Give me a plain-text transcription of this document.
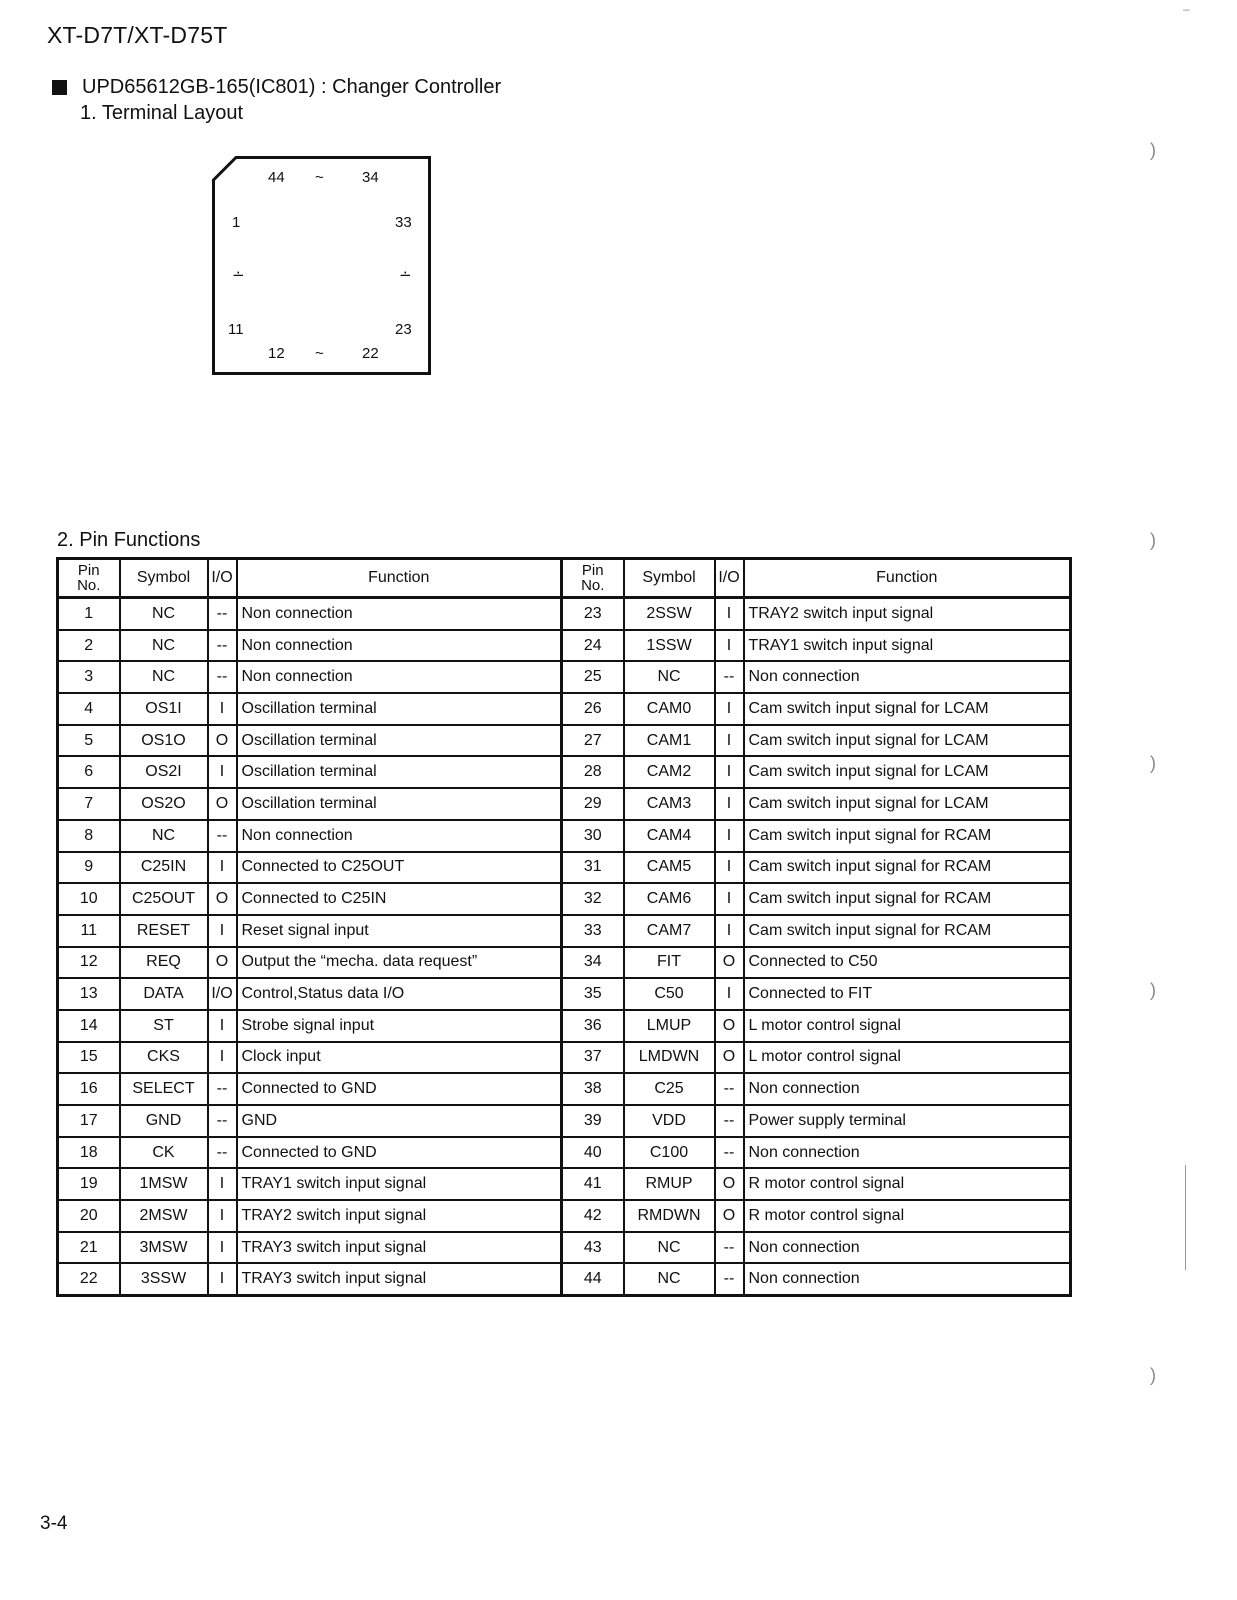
XT-D7T/XT-D75T
UPD65612GB-165(IC801) : Changer Controller
1. Terminal Layout
44 ~	34
1	33
∸	∸
11	23
12 ~	22
2. Pin Functions
Pin
No.	Symbol	I/O	Function	Pin
No.	Symbol	I/O	Function
1	NC	--	Non connection	23	2SSW	I	TRAY2 switch input signal
2	NC	--	Non connection	24	1SSW	I	TRAY1 switch input signal
3	NC	--	Non connection	25	NC	--	Non connection
4	OS1I	I	Oscillation terminal	26	CAM0	I	Cam switch input signal for LCAM
5	OS1O	O	Oscillation terminal	27	CAM1	I	Cam switch input signal for LCAM
6	OS2I	I	Oscillation terminal	28	CAM2	I	Cam switch input signal for LCAM
7	OS2O	O	Oscillation terminal	29	CAM3	I	Cam switch input signal for LCAM
8	NC	--	Non connection	30	CAM4	I	Cam switch input signal for RCAM
9	C25IN	I	Connected to C25OUT	31	CAM5	I	Cam switch input signal for RCAM
10	C25OUT	O	Connected to C25IN	32	CAM6	I	Cam switch input signal for RCAM
11	RESET	I	Reset signal input	33	CAM7	I	Cam switch input signal for RCAM
12	REQ	O	Output the “mecha. data request”	34	FIT	O	Connected to C50
13	DATA	I/O	Control,Status data I/O	35	C50	I	Connected to FIT
14	ST	I	Strobe signal input	36	LMUP	O	L motor control signal
15	CKS	I	Clock input	37	LMDWN	O	L motor control signal
16	SELECT	--	Connected to GND	38	C25	--	Non connection
17	GND	--	GND	39	VDD	--	Power supply terminal
18	CK	--	Connected to GND	40	C100	--	Non connection
19	1MSW	I	TRAY1 switch input signal	41	RMUP	O	R motor control signal
20	2MSW	I	TRAY2 switch input signal	42	RMDWN	O	R motor control signal
21	3MSW	I	TRAY3 switch input signal	43	NC	--	Non connection
22	3SSW	I	TRAY3 switch input signal	44	NC	--	Non connection
3-4
–
)
)
)
)
)
